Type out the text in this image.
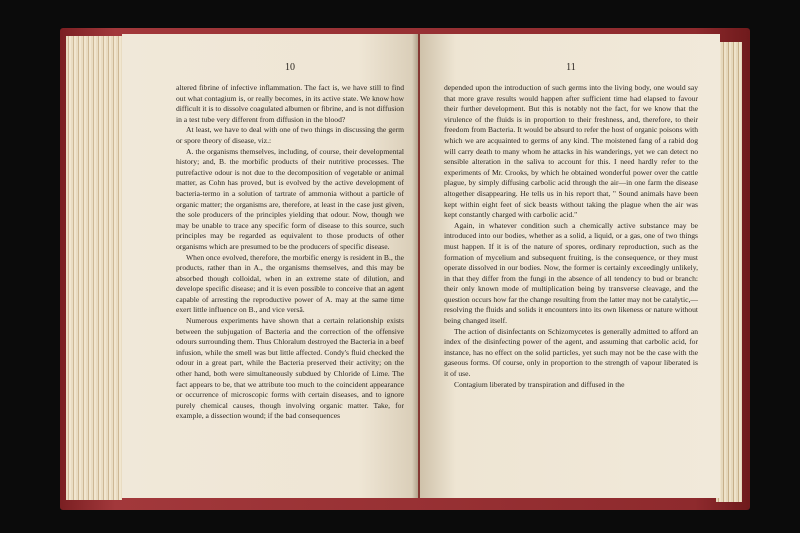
10

altered fibrine of infective inflammation. The fact is, we have still to find out what contagium is, or really becomes, in its active state. We know how difficult it is to dissolve coagulated albumen or fibrine, and is not diffusion in a test tube very different from diffusion in the blood?

At least, we have to deal with one of two things in discussing the germ or spore theory of disease, viz.:

A. the organisms themselves, including, of course, their developmental history; and, B. the morbific products of their nutritive processes. The putrefactive odour is not due to the decomposition of vegetable or animal matter, as Cohn has proved, but is evolved by the active development of bacteria-termo in a solution of tartrate of ammonia without a particle of organic matter; the organisms are, therefore, at least in the case just given, the sole producers of the principles yielding that odour. Now, though we may be unable to trace any specific form of disease to this source, such principles may be regarded as equivalent to those products of other organisms which are presumed to be the producers of specific disease.

When once evolved, therefore, the morbific energy is resident in B., the products, rather than in A., the organisms themselves, and this may be absorbed though colloidal, when in an extreme state of dilution, and develope specific disease; and it is even possible to conceive that an agent capable of arresting the reproductive power of A. may at the same time exert little influence on B., and vice versâ.

Numerous experiments have shown that a certain relationship exists between the subjugation of Bacteria and the correction of the offensive odours surrounding them. Thus Chloralum destroyed the Bacteria in a beef infusion, while the smell was but little affected. Condy's fluid checked the odour in a great part, while the Bacteria preserved their activity; on the other hand, both were simultaneously subdued by Chloride of Lime. The fact appears to be, that we attribute too much to the coincident appearance or occurrence of microscopic forms with certain diseases, and to ignore purely chemical causes, though involving organic matter. Take, for example, a dissection wound; if the bad consequences

11

depended upon the introduction of such germs into the living body, one would say that more grave results would happen after sufficient time had elapsed to favour their further development. But this is notably not the fact, for we know that the virulence of the fluids is in proportion to their freshness, and, therefore, to their freedom from Bacteria. It would be absurd to refer the host of organic poisons with which we are acquainted to germs of any kind. The moistened fang of a rabid dog will carry death to many whom he attacks in his wanderings, yet we can detect no sensible alteration in the saliva to account for this. I need hardly refer to the experiments of Mr. Crooks, by which he obtained wonderful power over the cattle plague, by simply diffusing carbolic acid through the air—in one farm the disease altogether disappearing. He tells us in his report that, " Sound animals have been kept within eight feet of sick beasts without taking the plague when the air was kept constantly charged with carbolic acid."

Again, in whatever condition such a chemically active substance may be introduced into our bodies, whether as a solid, a liquid, or a gas, one of two things must happen. If it is of the nature of spores, ordinary reproduction, such as the formation of mycelium and subsequent fruiting, is the consequence, or they must operate dissolved in our bodies. Now, the former is certainly exceedingly unlikely, in that they differ from the fungi in the absence of all tendency to bud or branch: their only known mode of multiplication being by transverse cleavage, and the question occurs how far the change resulting from the latter may not be catalytic,—resolving the fluids and solids it encounters into its own likeness or nature without being changed itself.

The action of disinfectants on Schizomycetes is generally admitted to afford an index of the disinfecting power of the agent, and assuming that carbolic acid, for instance, has no effect on the solid particles, yet such may not be the case with the gaseous forms. Of course, only in proportion to the strength of vapour liberated is it of use.

Contagium liberated by transpiration and diffused in the
